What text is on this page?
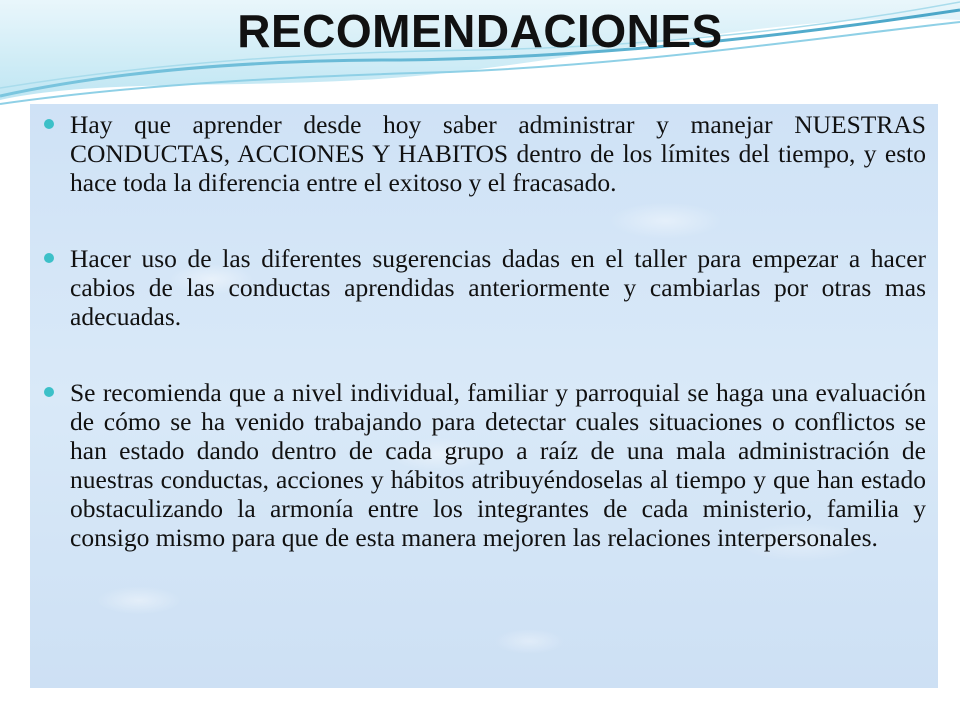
RECOMENDACIONES
Hay que aprender desde hoy saber administrar y manejar NUESTRAS CONDUCTAS, ACCIONES Y HABITOS dentro de los límites del tiempo, y esto hace toda la diferencia entre el exitoso y el fracasado.
Hacer uso de las diferentes sugerencias dadas en el taller para empezar a hacer cabios de las conductas aprendidas anteriormente y cambiarlas por otras mas adecuadas.
Se recomienda que a nivel individual, familiar y parroquial se haga una evaluación de cómo se ha venido trabajando para detectar cuales situaciones o conflictos se han estado dando dentro de cada grupo a raíz de una mala administración de nuestras conductas, acciones y hábitos atribuyéndoselas al tiempo y que han estado obstaculizando la armonía entre los integrantes de cada ministerio, familia y consigo mismo para que de esta manera mejoren las relaciones interpersonales.
